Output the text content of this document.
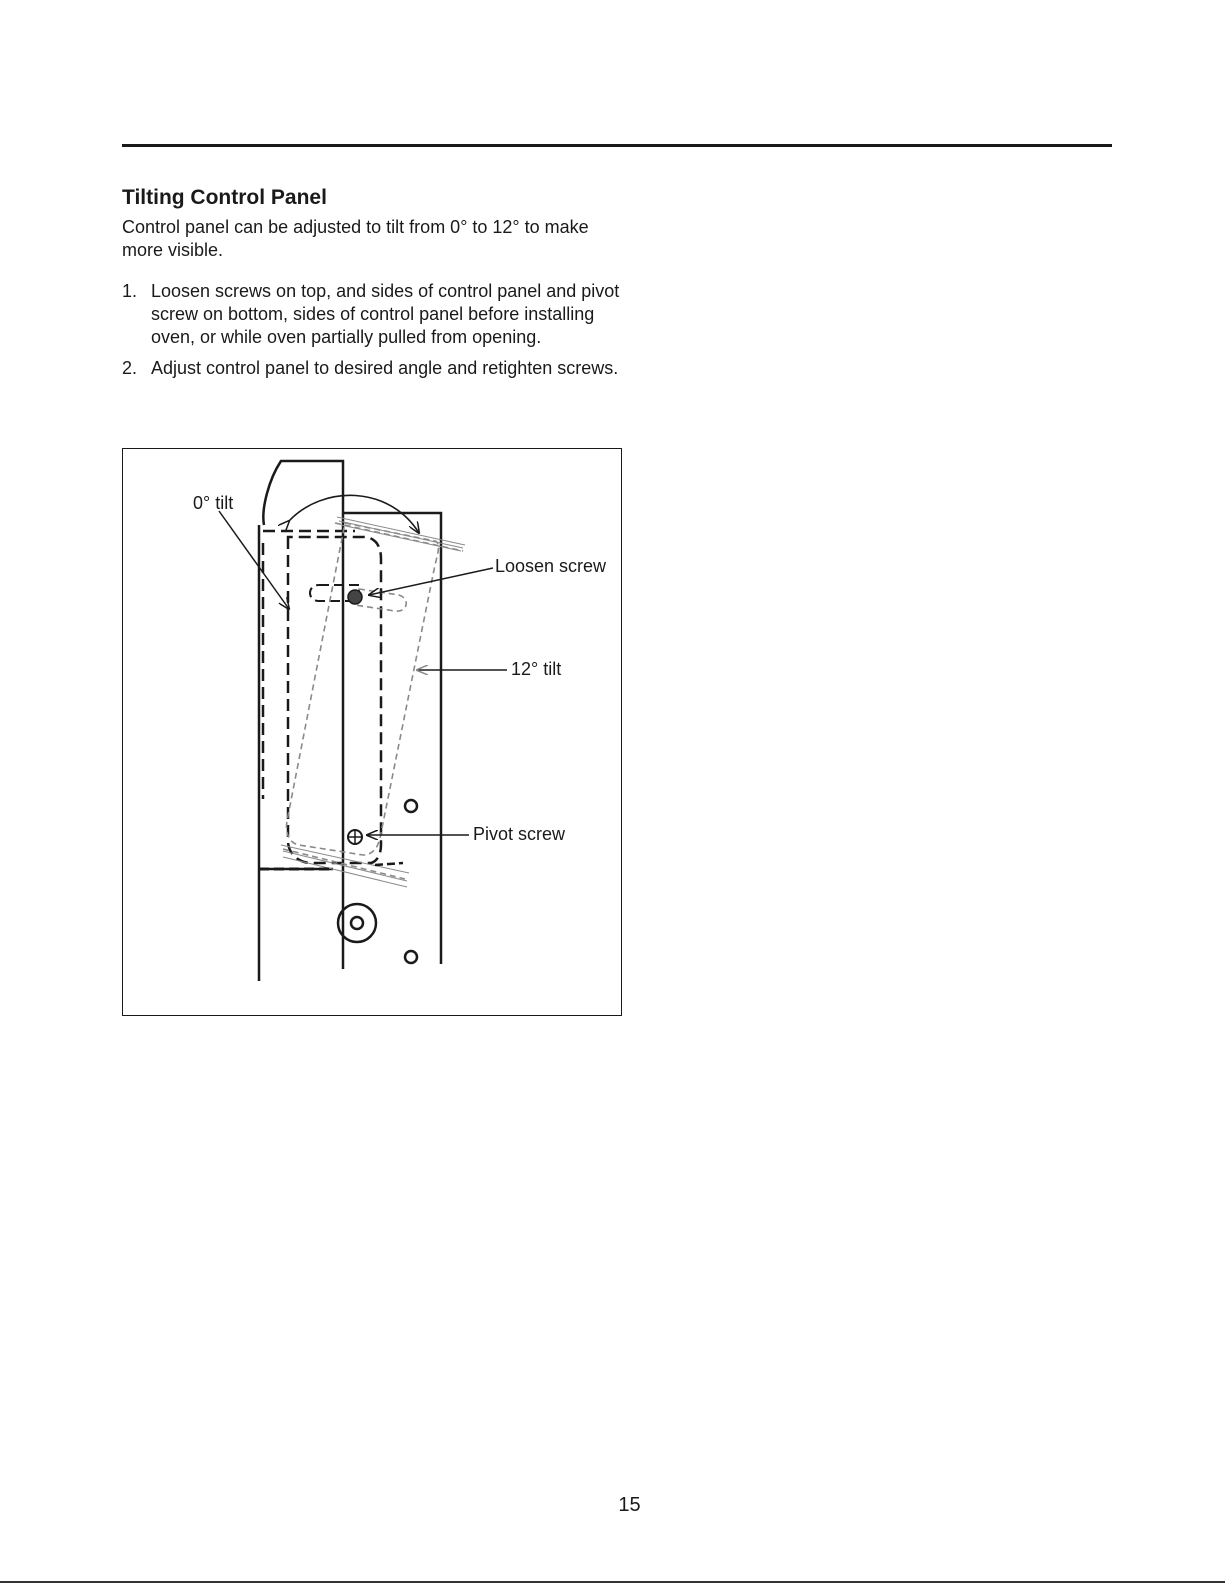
Tilting Control Panel

Control panel can be adjusted to tilt from 0° to 12° to make more visible.

1. Loosen screws on top, and sides of control panel and pivot screw on bottom, sides of control panel before installing oven, or while oven partially pulled from opening.
2. Adjust control panel to desired angle and retighten screws.
0° tilt
Loosen screw
12° tilt
Pivot screw
15
